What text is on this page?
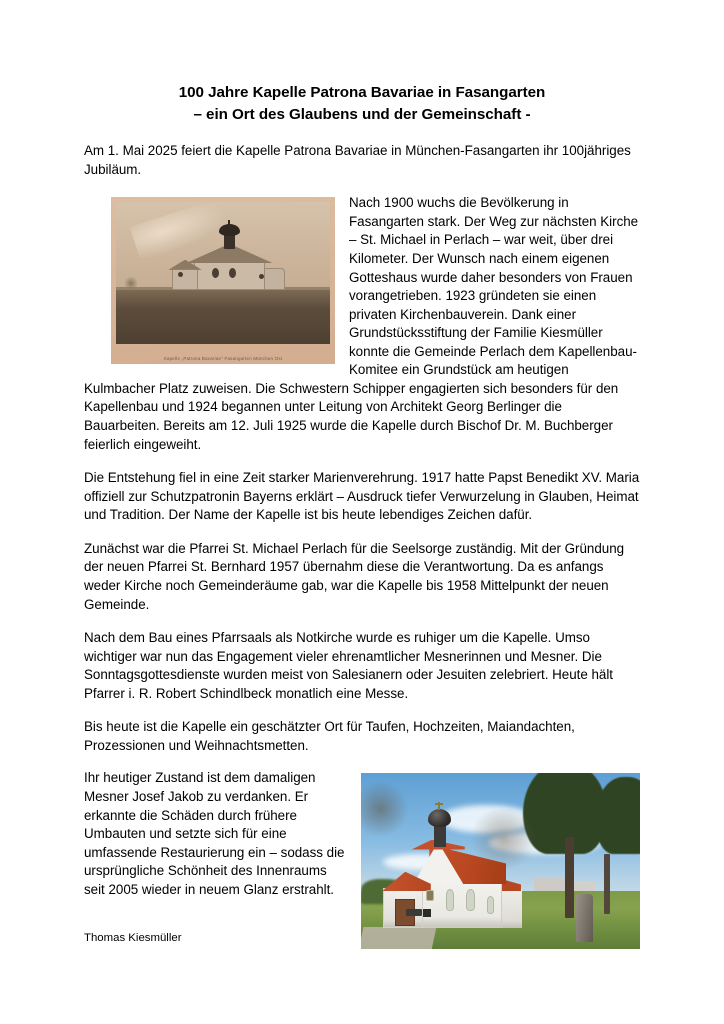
100 Jahre Kapelle Patrona Bavariae in Fasangarten
– ein Ort des Glaubens und der Gemeinschaft -

Am 1. Mai 2025 feiert die Kapelle Patrona Bavariae in München-Fasangarten ihr 100jähriges Jubiläum.

Kapelle „Patrona Bavariae" Fasangarten München Ost

Nach 1900 wuchs die Bevölkerung in Fasangarten stark. Der Weg zur nächsten Kirche – St. Michael in Perlach – war weit, über drei Kilometer. Der Wunsch nach einem eigenen Gotteshaus wurde daher besonders von Frauen vorangetrieben. 1923 gründeten sie einen privaten Kirchenbauverein. Dank einer Grundstücksstiftung der Familie Kiesmüller konnte die Gemeinde Perlach dem Kapellenbau-Komitee ein Grundstück am heutigen Kulmbacher Platz zuweisen. Die Schwestern Schipper engagierten sich besonders für den Kapellenbau und 1924 begannen unter Leitung von Architekt Georg Berlinger die Bauarbeiten. Bereits am 12. Juli 1925 wurde die Kapelle durch Bischof Dr. M. Buchberger feierlich eingeweiht.

Die Entstehung fiel in eine Zeit starker Marienverehrung. 1917 hatte Papst Benedikt XV. Maria offiziell zur Schutzpatronin Bayerns erklärt – Ausdruck tiefer Verwurzelung in Glauben, Heimat und Tradition. Der Name der Kapelle ist bis heute lebendiges Zeichen dafür.

Zunächst war die Pfarrei St. Michael Perlach für die Seelsorge zuständig. Mit der Gründung der neuen Pfarrei St. Bernhard 1957 übernahm diese die Verantwortung. Da es anfangs weder Kirche noch Gemeinderäume gab, war die Kapelle bis 1958 Mittelpunkt der neuen Gemeinde.

Nach dem Bau eines Pfarrsaals als Notkirche wurde es ruhiger um die Kapelle. Umso wichtiger war nun das Engagement vieler ehrenamtlicher Mesnerinnen und Mesner. Die Sonntagsgottesdienste wurden meist von Salesianern oder Jesuiten zelebriert. Heute hält Pfarrer i. R. Robert Schindlbeck monatlich eine Messe.

Bis heute ist die Kapelle ein geschätzter Ort für Taufen, Hochzeiten, Maiandachten, Prozessionen und Weihnachtsmetten.

Ihr heutiger Zustand ist dem damaligen Mesner Josef Jakob zu verdanken. Er erkannte die Schäden durch frühere Umbauten und setzte sich für eine umfassende Restaurierung ein – sodass die ursprüngliche Schönheit des Innenraums seit 2005 wieder in neuem Glanz erstrahlt.

Thomas Kiesmüller
